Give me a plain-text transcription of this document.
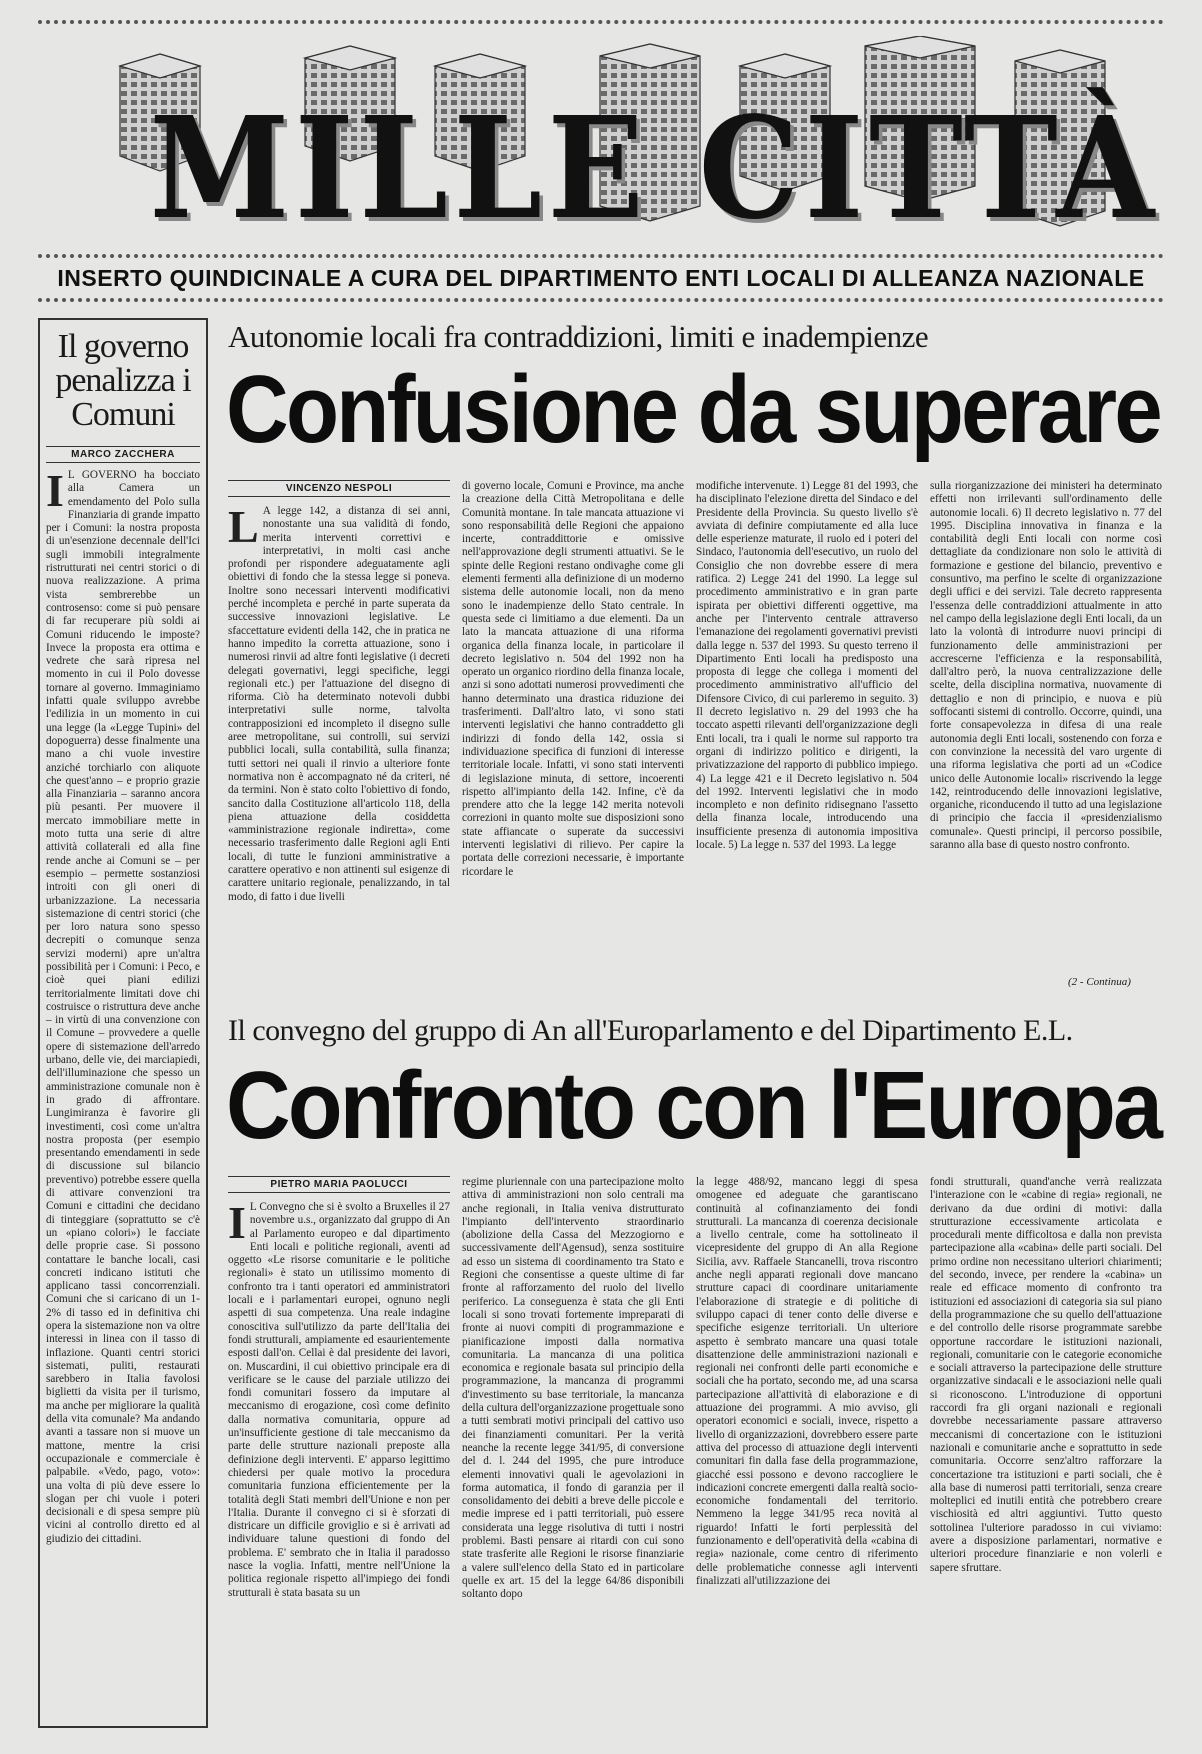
MILLE CITTÀ
INSERTO QUINDICINALE A CURA DEL DIPARTIMENTO ENTI LOCALI DI ALLEANZA NAZIONALE
Il governo penalizza i Comuni
MARCO ZACCHERA

I L GOVERNO ha bocciato alla Camera un emendamento del Polo sulla Finanziaria di grande impatto per i Comuni: la nostra proposta di un'esenzione decennale dell'Ici sugli immobili integralmente ristrutturati nei centri storici o di nuova realizzazione. A prima vista sembrerebbe un controsenso: come si può pensare di far recuperare più soldi ai Comuni riducendo le imposte? Invece la proposta era ottima e vedrete che sarà ripresa nel momento in cui il Polo dovesse tornare al governo. Immaginiamo infatti quale sviluppo avrebbe l'edilizia in un momento in cui una legge (la «Legge Tupini» del dopoguerra) desse finalmente una mano a chi vuole investire anziché torchiarlo con aliquote che quest'anno – e proprio grazie alla Finanziaria – saranno ancora più pesanti. Per muovere il mercato immobiliare mette in moto tutta una serie di altre attività collaterali ed alla fine rende anche ai Comuni se – per esempio – permette sostanziosi introiti con gli oneri di urbanizzazione. La necessaria sistemazione di centri storici (che per loro natura sono spesso decrepiti o comunque senza servizi moderni) apre un'altra possibilità per i Comuni: i Peco, e cioè quei piani edilizi territorialmente limitati dove chi costruisce o ristruttura deve anche – in virtù di una convenzione con il Comune – provvedere a quelle opere di sistemazione dell'arredo urbano, delle vie, dei marciapiedi, dell'illuminazione che spesso un amministrazione comunale non è in grado di affrontare. Lungimiranza è favorire gli investimenti, così come un'altra nostra proposta (per esempio presentando emendamenti in sede di discussione sul bilancio preventivo) potrebbe essere quella di attivare convenzioni tra Comuni e cittadini che decidano di tinteggiare (soprattutto se c'è un «piano colori») le facciate delle proprie case. Si possono contattare le banche locali, casi concreti indicano istituti che applicano tassi concorrenziali. Comuni che si caricano di un 1-2% di tasso ed in definitiva chi opera la sistemazione non va oltre interessi in linea con il tasso di inflazione. Quanti centri storici sistemati, puliti, restaurati sarebbero in Italia favolosi biglietti da visita per il turismo, ma anche per migliorare la qualità della vita comunale? Ma andando avanti a tassare non si muove un mattone, mentre la crisi occupazionale e commerciale è palpabile. «Vedo, pago, voto»: una volta di più deve essere lo slogan per chi vuole i poteri decisionali e di spesa sempre più vicini al controllo diretto ed al giudizio dei cittadini.

Autonomie locali fra contraddizioni, limiti e inadempienze
Confusione da superare
VINCENZO NESPOLI

L A legge 142, a distanza di sei anni, nonostante una sua validità di fondo, merita interventi correttivi e interpretativi, in molti casi anche profondi per rispondere adeguatamente agli obiettivi di fondo che la stessa legge si poneva. Inoltre sono necessari interventi modificativi perché incompleta e perché in parte superata da successive innovazioni legislative. Le sfaccettature evidenti della 142, che in pratica ne hanno impedito la corretta attuazione, sono i numerosi rinvii ad altre fonti legislative (i decreti delegati governativi, leggi specifiche, leggi regionali etc.) per l'attuazione del disegno di riforma. Ciò ha determinato notevoli dubbi interpretativi sulle norme, talvolta contrapposizioni ed incompleto il disegno sulle aree metropolitane, sui controlli, sui servizi pubblici locali, sulla contabilità, sulla finanza; tutti settori nei quali il rinvio a ulteriore fonte normativa non è accompagnato né da criteri, né da termini. Non è stato colto l'obiettivo di fondo, sancito dalla Costituzione all'articolo 118, della piena attuazione della cosiddetta «amministrazione regionale indiretta», come necessario trasferimento dalle Regioni agli Enti locali, di tutte le funzioni amministrative a carattere operativo e non attinenti sul esigenze di carattere unitario regionale, penalizzando, in tal modo, di fatto i due livelli

di governo locale, Comuni e Province, ma anche la creazione della Città Metropolitana e delle Comunità montane. In tale mancata attuazione vi sono responsabilità delle Regioni che appaiono incerte, contraddittorie e omissive nell'approvazione degli strumenti attuativi. Se le spinte delle Regioni restano ondivaghe come gli elementi fermenti alla definizione di un moderno sistema delle autonomie locali, non da meno sono le inadempienze dello Stato centrale. In questa sede ci limitiamo a due elementi. Da un lato la mancata attuazione di una riforma organica della finanza locale, in particolare il decreto legislativo n. 504 del 1992 non ha operato un organico riordino della finanza locale, anzi si sono adottati numerosi provvedimenti che hanno determinato una drastica riduzione dei trasferimenti. Dall'altro lato, vi sono stati interventi legislativi che hanno contraddetto gli indirizzi di fondo della 142, ossia si individuazione specifica di funzioni di interesse territoriale locale. Infatti, vi sono stati interventi di legislazione minuta, di settore, incoerenti rispetto all'impianto della 142. Infine, c'è da prendere atto che la legge 142 merita notevoli correzioni in quanto molte sue disposizioni sono state affiancate o superate da successivi interventi legislativi di rilievo. Per capire la portata delle correzioni necessarie, è importante ricordare le

modifiche intervenute. 1) Legge 81 del 1993, che ha disciplinato l'elezione diretta del Sindaco e del Presidente della Provincia. Su questo livello s'è avviata di definire compiutamente ed alla luce delle esperienze maturate, il ruolo ed i poteri del Sindaco, l'autonomia dell'esecutivo, un ruolo del Consiglio che non dovrebbe essere di mera ratifica. 2) Legge 241 del 1990. La legge sul procedimento amministrativo e in gran parte ispirata per obiettivi differenti oggettive, ma anche per l'intervento centrale attraverso l'emanazione dei regolamenti governativi previsti dalla legge n. 537 del 1993. Su questo terreno il Dipartimento Enti locali ha predisposto una proposta di legge che collega i momenti del procedimento amministrativo all'ufficio del Difensore Civico, di cui parleremo in seguito. 3) Il decreto legislativo n. 29 del 1993 che ha toccato aspetti rilevanti dell'organizzazione degli Enti locali, tra i quali le norme sul rapporto tra organi di indirizzo politico e dirigenti, la privatizzazione del rapporto di pubblico impiego. 4) La legge 421 e il Decreto legislativo n. 504 del 1992. Interventi legislativi che in modo incompleto e non definito ridisegnano l'assetto della finanza locale, introducendo una insufficiente presenza di autonomia impositiva locale. 5) La legge n. 537 del 1993. La legge

sulla riorganizzazione dei ministeri ha determinato effetti non irrilevanti sull'ordinamento delle autonomie locali. 6) Il decreto legislativo n. 77 del 1995. Disciplina innovativa in finanza e la contabilità degli Enti locali con norme così dettagliate da condizionare non solo le attività di formazione e gestione del bilancio, preventivo e consuntivo, ma perfino le scelte di organizzazione degli uffici e dei servizi. Tale decreto rappresenta l'essenza delle contraddizioni attualmente in atto nel campo della legislazione degli Enti locali, da un lato la volontà di introdurre nuovi principi di funzionamento delle amministrazioni per accrescerne l'efficienza e la responsabilità, dall'altro però, la nuova centralizzazione delle scelte, della disciplina normativa, nuovamente di dettaglio e non di principio, e nuova e più soffocanti sistemi di controllo. Occorre, quindi, una forte consapevolezza in difesa di una reale autonomia degli Enti locali, sostenendo con forza e con convinzione la necessità del varo urgente di una riforma legislativa che porti ad un «Codice unico delle Autonomie locali» riscrivendo la legge 142, reintroducendo delle innovazioni legislative, organiche, riconducendo il tutto ad una legislazione di principio che faccia il «presidenzialismo comunale». Questi principi, il percorso possibile, saranno alla base di questo nostro confronto.

(2 - Continua)
Il convegno del gruppo di An all'Europarlamento e del Dipartimento E.L.
Confronto con l'Europa
PIETRO MARIA PAOLUCCI

I L Convegno che si è svolto a Bruxelles il 27 novembre u.s., organizzato dal gruppo di An al Parlamento europeo e dal dipartimento Enti locali e politiche regionali, aventi ad oggetto «Le risorse comunitarie e le politiche regionali» è stato un utilissimo momento di confronto tra i tanti operatori ed amministratori locali e i parlamentari europei, ognuno negli aspetti di sua competenza. Una reale indagine conoscitiva sull'utilizzo da parte dell'Italia dei fondi strutturali, ampiamente ed esaurientemente esposti dall'on. Cellai è dal presidente dei lavori, on. Muscardini, il cui obiettivo principale era di verificare se le cause del parziale utilizzo dei fondi comunitari fossero da imputare al meccanismo di erogazione, così come definito dalla normativa comunitaria, oppure ad un'insufficiente gestione di tale meccanismo da parte delle strutture nazionali preposte alla definizione degli interventi. E' apparso legittimo chiedersi per quale motivo la procedura comunitaria funziona efficientemente per la totalità degli Stati membri dell'Unione e non per l'Italia. Durante il convegno ci si è sforzati di districare un difficile groviglio e si è arrivati ad individuare talune questioni di fondo del problema. E' sembrato che in Italia il paradosso nasce la voglia. Infatti, mentre nell'Unione la politica regionale rispetto all'impiego dei fondi strutturali è stata basata su un

regime pluriennale con una partecipazione molto attiva di amministrazioni non solo centrali ma anche regionali, in Italia veniva distrutturato l'impianto dell'intervento straordinario (abolizione della Cassa del Mezzogiorno e successivamente dell'Agensud), senza sostituire ad esso un sistema di coordinamento tra Stato e Regioni che consentisse a queste ultime di far fronte al rafforzamento del ruolo del livello periferico. La conseguenza è stata che gli Enti locali si sono trovati fortemente impreparati di fronte ai nuovi compiti di programmazione e pianificazione imposti dalla normativa comunitaria. La mancanza di una politica economica e regionale basata sul principio della programmazione, la mancanza di programmi d'investimento su base territoriale, la mancanza della cultura dell'organizzazione progettuale sono a tutti sembrati motivi principali del cattivo uso dei finanziamenti comunitari. Per la verità neanche la recente legge 341/95, di conversione del d. l. 244 del 1995, che pure introduce elementi innovativi quali le agevolazioni in forma automatica, il fondo di garanzia per il consolidamento dei debiti a breve delle piccole e medie imprese ed i patti territoriali, può essere considerata una legge risolutiva di tutti i nostri problemi. Basti pensare ai ritardi con cui sono state trasferite alle Regioni le risorse finanziarie a valere sull'elenco della Stato ed in particolare quelle ex art. 15 del la legge 64/86 disponibili soltanto dopo

la legge 488/92, mancano leggi di spesa omogenee ed adeguate che garantiscano continuità al cofinanziamento dei fondi strutturali. La mancanza di coerenza decisionale a livello centrale, come ha sottolineato il vicepresidente del gruppo di An alla Regione Sicilia, avv. Raffaele Stancanelli, trova riscontro anche negli apparati regionali dove mancano strutture capaci di coordinare unitariamente l'elaborazione di strategie e di politiche di sviluppo capaci di tener conto delle diverse e specifiche esigenze territoriali. Un ulteriore aspetto è sembrato mancare una quasi totale disattenzione delle amministrazioni nazionali e regionali nei confronti delle parti economiche e sociali che ha portato, secondo me, ad una scarsa partecipazione all'attività di elaborazione e di attuazione dei programmi. A mio avviso, gli operatori economici e sociali, invece, rispetto a livello di organizzazioni, dovrebbero essere parte attiva del processo di attuazione degli interventi comunitari fin dalla fase della programmazione, giacché essi possono e devono raccogliere le indicazioni concrete emergenti dalla realtà socio-economiche fondamentali del territorio. Nemmeno la legge 341/95 reca novità al riguardo! Infatti le forti perplessità del funzionamento e dell'operatività della «cabina di regia» nazionale, come centro di riferimento delle problematiche connesse agli interventi finalizzati all'utilizzazione dei

fondi strutturali, quand'anche verrà realizzata l'interazione con le «cabine di regia» regionali, ne derivano da due ordini di motivi: dalla strutturazione eccessivamente articolata e procedurali mente difficoltosa e dalla non prevista partecipazione alla «cabina» delle parti sociali. Del primo ordine non necessitano ulteriori chiarimenti; del secondo, invece, per rendere la «cabina» un reale ed efficace momento di confronto tra istituzioni ed associazioni di categoria sia sul piano della programmazione che su quello dell'attuazione e del controllo delle risorse programmate sarebbe opportune raccordare le istituzioni nazionali, regionali, comunitarie con le categorie economiche e sociali attraverso la partecipazione delle strutture organizzative sindacali e le associazioni nelle quali si riconoscono. L'introduzione di opportuni raccordi fra gli organi nazionali e regionali dovrebbe necessariamente passare attraverso meccanismi di concertazione con le istituzioni nazionali e comunitarie anche e soprattutto in sede comunitaria. Occorre senz'altro rafforzare la concertazione tra istituzioni e parti sociali, che è alla base di numerosi patti territoriali, senza creare molteplici ed inutili entità che potrebbero creare vischiosità ed altri aggiuntivi. Tutto questo sottolinea l'ulteriore paradosso in cui viviamo: avere a disposizione parlamentari, normative e ulteriori procedure finanziarie e non volerli e sapere sfruttare.
